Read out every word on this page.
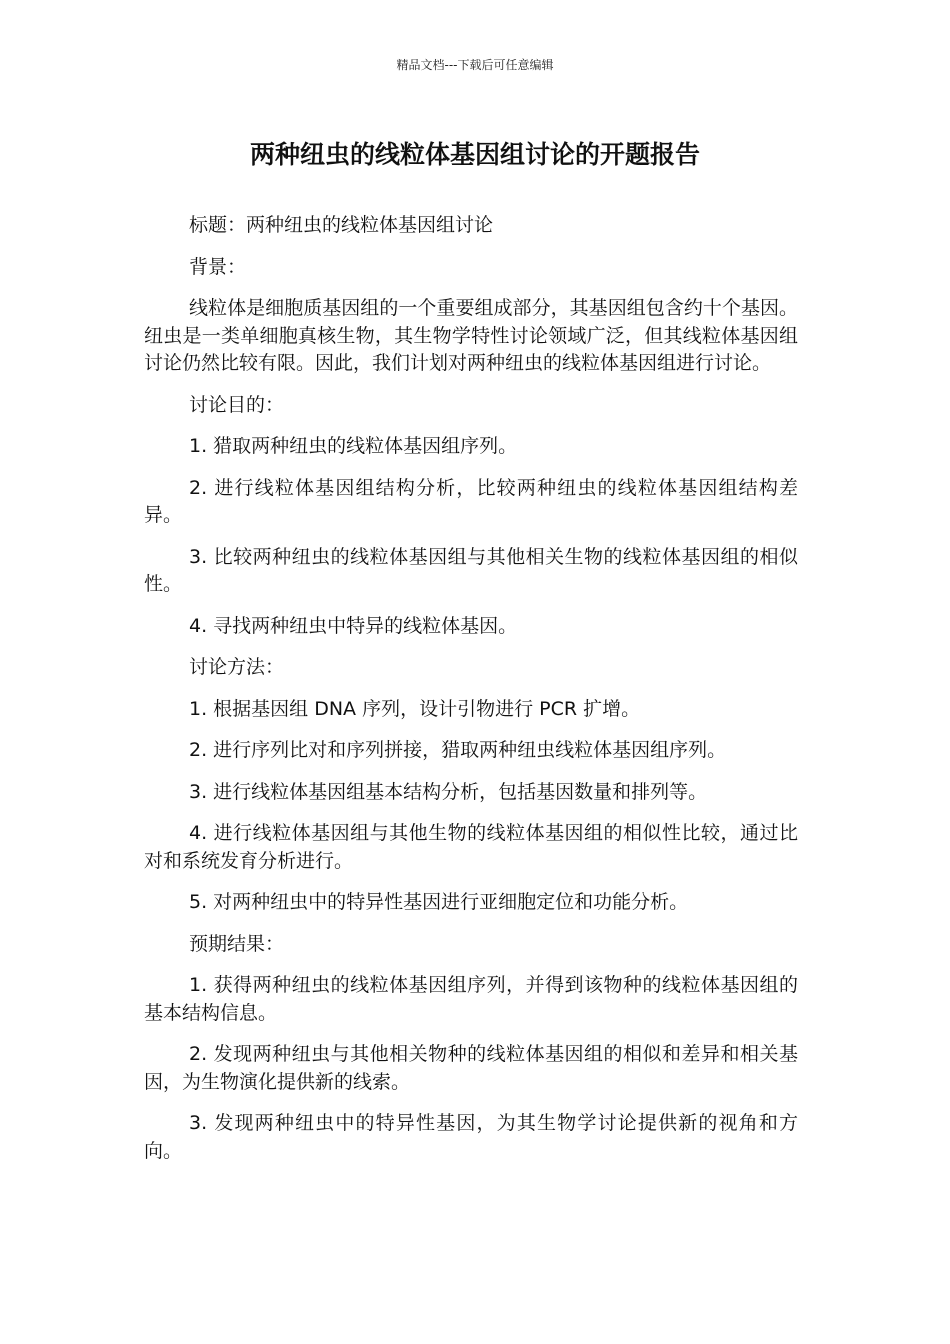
精品文档---下载后可任意编辑
两种纽虫的线粒体基因组讨论的开题报告

标题：两种纽虫的线粒体基因组讨论

背景：

线粒体是细胞质基因组的一个重要组成部分，其基因组包含约十个基因。纽虫是一类单细胞真核生物，其生物学特性讨论领域广泛，但其线粒体基因组讨论仍然比较有限。因此，我们计划对两种纽虫的线粒体基因组进行讨论。

讨论目的：

1. 猎取两种纽虫的线粒体基因组序列。

2. 进行线粒体基因组结构分析，比较两种纽虫的线粒体基因组结构差异。

3. 比较两种纽虫的线粒体基因组与其他相关生物的线粒体基因组的相似性。

4. 寻找两种纽虫中特异的线粒体基因。

讨论方法：

1. 根据基因组 DNA 序列，设计引物进行 PCR 扩增。

2. 进行序列比对和序列拼接，猎取两种纽虫线粒体基因组序列。

3. 进行线粒体基因组基本结构分析，包括基因数量和排列等。

4. 进行线粒体基因组与其他生物的线粒体基因组的相似性比较，通过比对和系统发育分析进行。

5. 对两种纽虫中的特异性基因进行亚细胞定位和功能分析。

预期结果：

1. 获得两种纽虫的线粒体基因组序列，并得到该物种的线粒体基因组的基本结构信息。

2. 发现两种纽虫与其他相关物种的线粒体基因组的相似和差异和相关基因，为生物演化提供新的线索。

3. 发现两种纽虫中的特异性基因，为其生物学讨论提供新的视角和方向。
